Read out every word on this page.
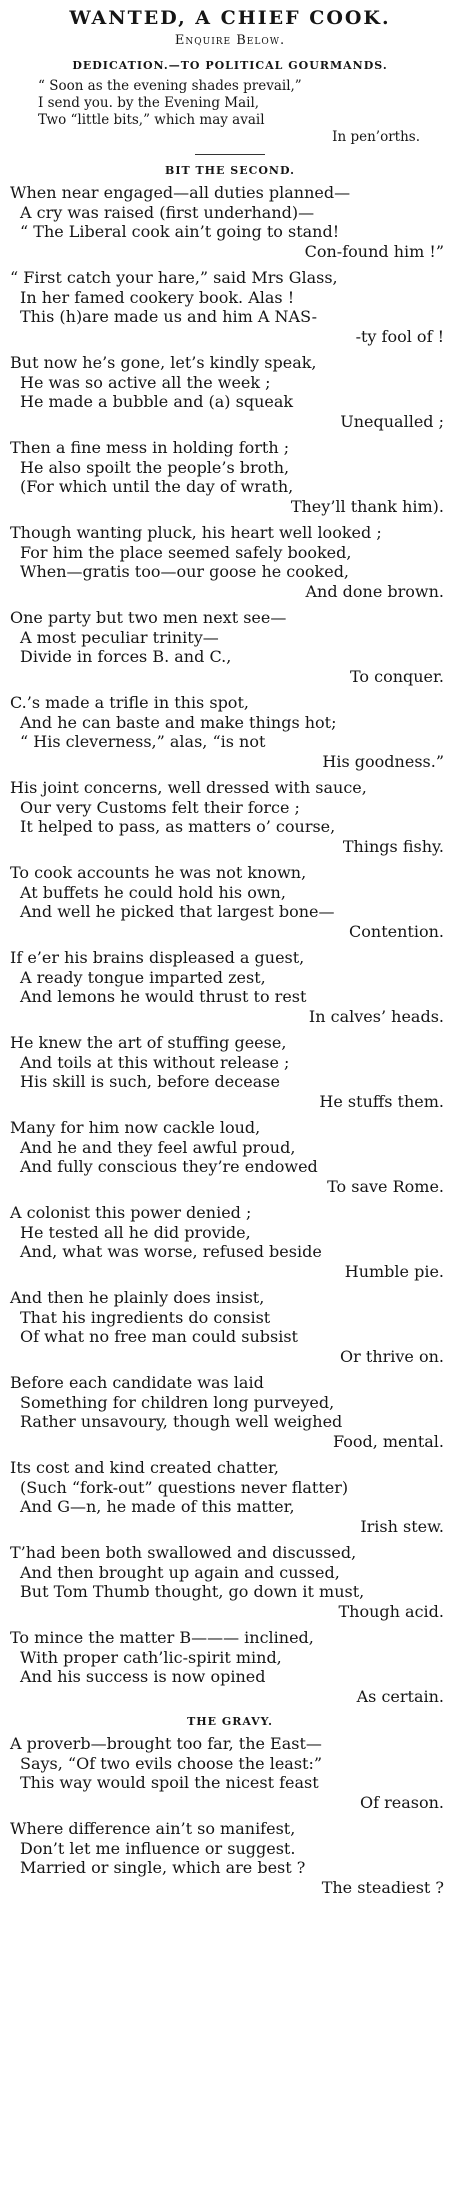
WANTED, A CHIEF COOK.
Enquire Below.
DEDICATION.—TO POLITICAL GOURMANDS.
“ Soon as the evening shades prevail,”
I send you. by the Evening Mail,
Two “little bits,” which may avail
In pen’orths.
BIT THE SECOND.
When near engaged—all duties planned—
A cry was raised (first underhand)—
“ The Liberal cook ain’t going to stand!
Con-found him !”
“ First catch your hare,” said Mrs Glass,
In her famed cookery book. Alas !
This (h)are made us and him A NAS-
-ty fool of !
But now he’s gone, let’s kindly speak,
He was so active all the week ;
He made a bubble and (a) squeak
Unequalled ;
Then a fine mess in holding forth ;
He also spoilt the people’s broth,
(For which until the day of wrath,
They’ll thank him).
Though wanting pluck, his heart well looked ;
For him the place seemed safely booked,
When—gratis too—our goose he cooked,
And done brown.
One party but two men next see—
A most peculiar trinity—
Divide in forces B. and C.,
To conquer.
C.’s made a trifle in this spot,
And he can baste and make things hot;
“ His cleverness,” alas, “is not
His goodness.”
His joint concerns, well dressed with sauce,
Our very Customs felt their force ;
It helped to pass, as matters o’ course,
Things fishy.
To cook accounts he was not known,
At buffets he could hold his own,
And well he picked that largest bone—
Contention.
If e’er his brains displeased a guest,
A ready tongue imparted zest,
And lemons he would thrust to rest
In calves’ heads.
He knew the art of stuffing geese,
And toils at this without release ;
His skill is such, before decease
He stuffs them.
Many for him now cackle loud,
And he and they feel awful proud,
And fully conscious they’re endowed
To save Rome.
A colonist this power denied ;
He tested all he did provide,
And, what was worse, refused beside
Humble pie.
And then he plainly does insist,
That his ingredients do consist
Of what no free man could subsist
Or thrive on.
Before each candidate was laid
Something for children long purveyed,
Rather unsavoury, though well weighed
Food, mental.
Its cost and kind created chatter,
(Such “fork-out” questions never flatter)
And G—n, he made of this matter,
Irish stew.
T’had been both swallowed and discussed,
And then brought up again and cussed,
But Tom Thumb thought, go down it must,
Though acid.
To mince the matter B——— inclined,
With proper cath’lic-spirit mind,
And his success is now opined
As certain.
THE GRAVY.
A proverb—brought too far, the East—
Says, “Of two evils choose the least:”
This way would spoil the nicest feast
Of reason.
Where difference ain’t so manifest,
Don’t let me influence or suggest.
Married or single, which are best ?
The steadiest ?
